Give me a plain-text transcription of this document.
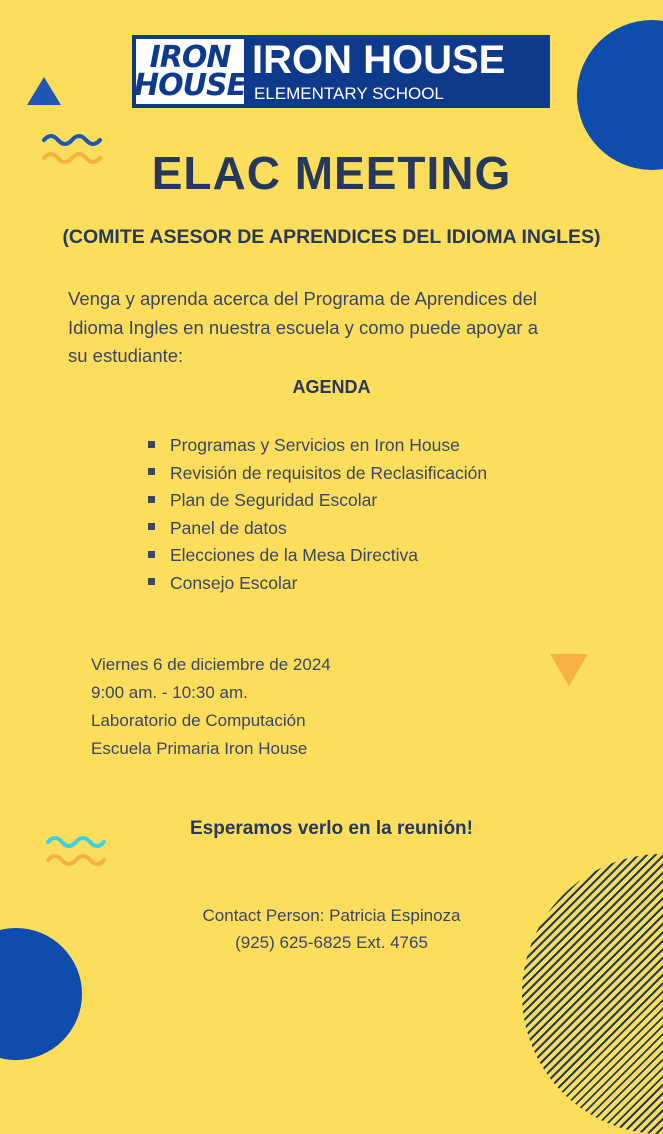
IRON
HOUSE
IRON HOUSE
ELEMENTARY SCHOOL
ELAC MEETING
(COMITE ASESOR DE APRENDICES DEL IDIOMA INGLES)
Venga y aprenda acerca del Programa de Aprendices del
Idioma Ingles en nuestra escuela y como puede apoyar a
su estudiante:
AGENDA
Programas y Servicios en Iron House
Revisión de requisitos de Reclasificación
Plan de Seguridad Escolar
Panel de datos
Elecciones de la Mesa Directiva
Consejo Escolar
Viernes 6 de diciembre de 2024
9:00 am. - 10:30 am.
Laboratorio de Computación
Escuela Primaria Iron House
Esperamos verlo en la reunión!
Contact Person: Patricia Espinoza
(925) 625-6825 Ext. 4765
